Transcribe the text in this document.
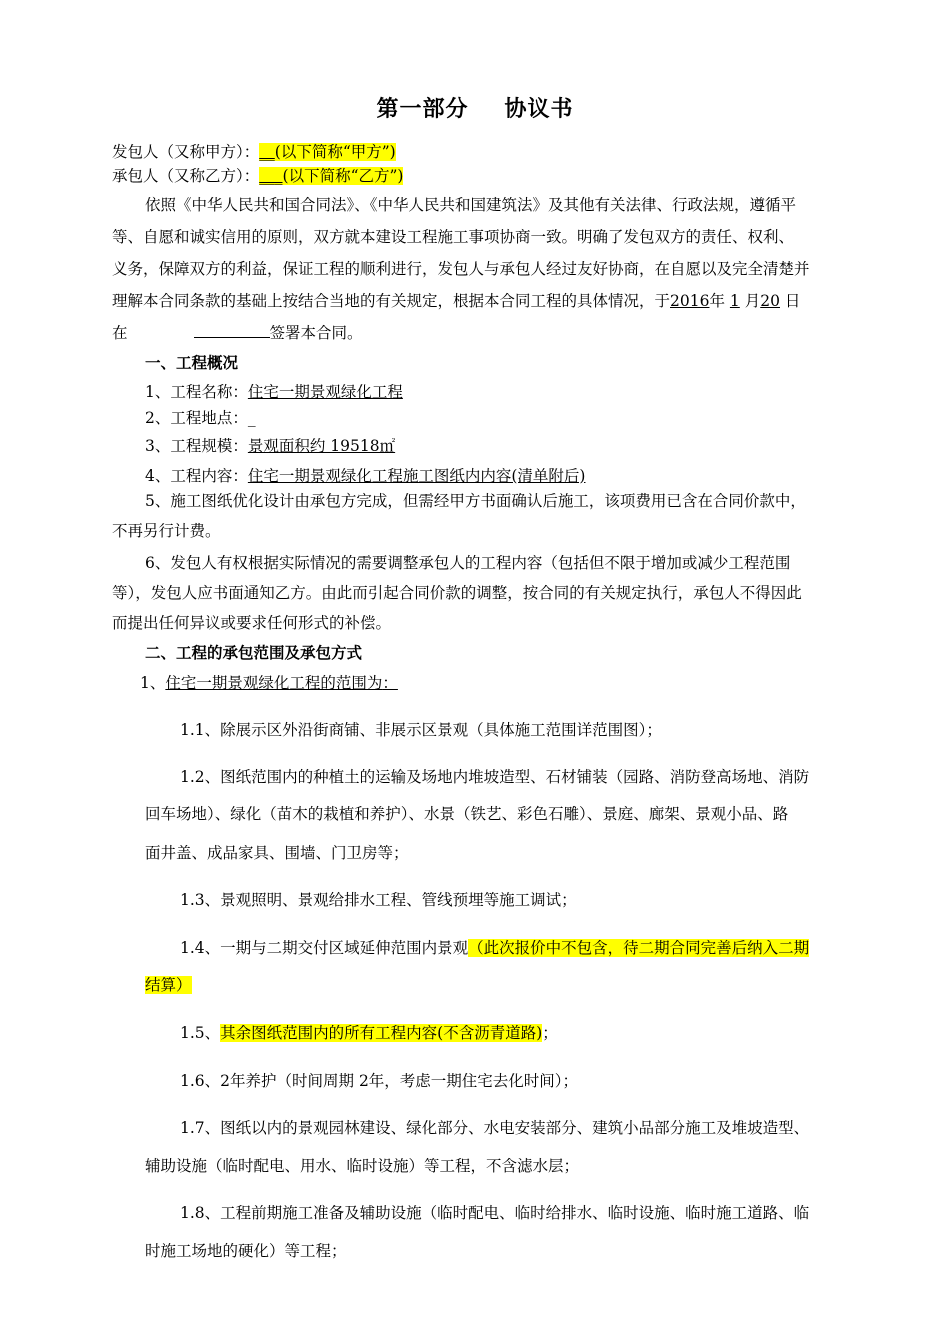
第一部分 协议书
发包人（又称甲方）：__(以下简称“甲方”)
承包人（又称乙方）：___(以下简称“乙方”)
依照《中华人民共和国合同法》、《中华人民共和国建筑法》及其他有关法律、行政法规，遵循平
等、自愿和诚实信用的原则，双方就本建设工程施工事项协商一致。明确了发包双方的责任、权利、
义务，保障双方的利益，保证工程的顺利进行，发包人与承包人经过友好协商，在自愿以及完全清楚并
理解本合同条款的基础上按结合当地的有关规定，根据本合同工程的具体情况，于2016年 1 月20 日
在	签署本合同。
一、工程概况
1、工程名称：住宅一期景观绿化工程
2、工程地点：_
3、工程规模：景观面积约 19518㎡
4、工程内容：住宅一期景观绿化工程施工图纸内内容(清单附后)
5、施工图纸优化设计由承包方完成，但需经甲方书面确认后施工，该项费用已含在合同价款中，
不再另行计费。
6、发包人有权根据实际情况的需要调整承包人的工程内容（包括但不限于增加或减少工程范围
等），发包人应书面通知乙方。由此而引起合同价款的调整，按合同的有关规定执行，承包人不得因此
而提出任何异议或要求任何形式的补偿。
二、工程的承包范围及承包方式
1、住宅一期景观绿化工程的范围为：
1.1、除展示区外沿街商铺、非展示区景观（具体施工范围详范围图）；
1.2、图纸范围内的种植土的运输及场地内堆坡造型、石材铺装（园路、消防登高场地、消防
回车场地）、绿化（苗木的栽植和养护）、水景（铁艺、彩色石雕）、景庭、廊架、景观小品、路
面井盖、成品家具、围墙、门卫房等；
1.3、景观照明、景观给排水工程、管线预埋等施工调试；
1.4、一期与二期交付区域延伸范围内景观（此次报价中不包含，待二期合同完善后纳入二期
结算）
1.5、其余图纸范围内的所有工程内容(不含沥青道路)；
1.6、2年养护（时间周期 2年，考虑一期住宅去化时间）；
1.7、图纸以内的景观园林建设、绿化部分、水电安装部分、建筑小品部分施工及堆坡造型、
辅助设施（临时配电、用水、临时设施）等工程，不含滤水层；
1.8、工程前期施工准备及辅助设施（临时配电、临时给排水、临时设施、临时施工道路、临
时施工场地的硬化）等工程；
